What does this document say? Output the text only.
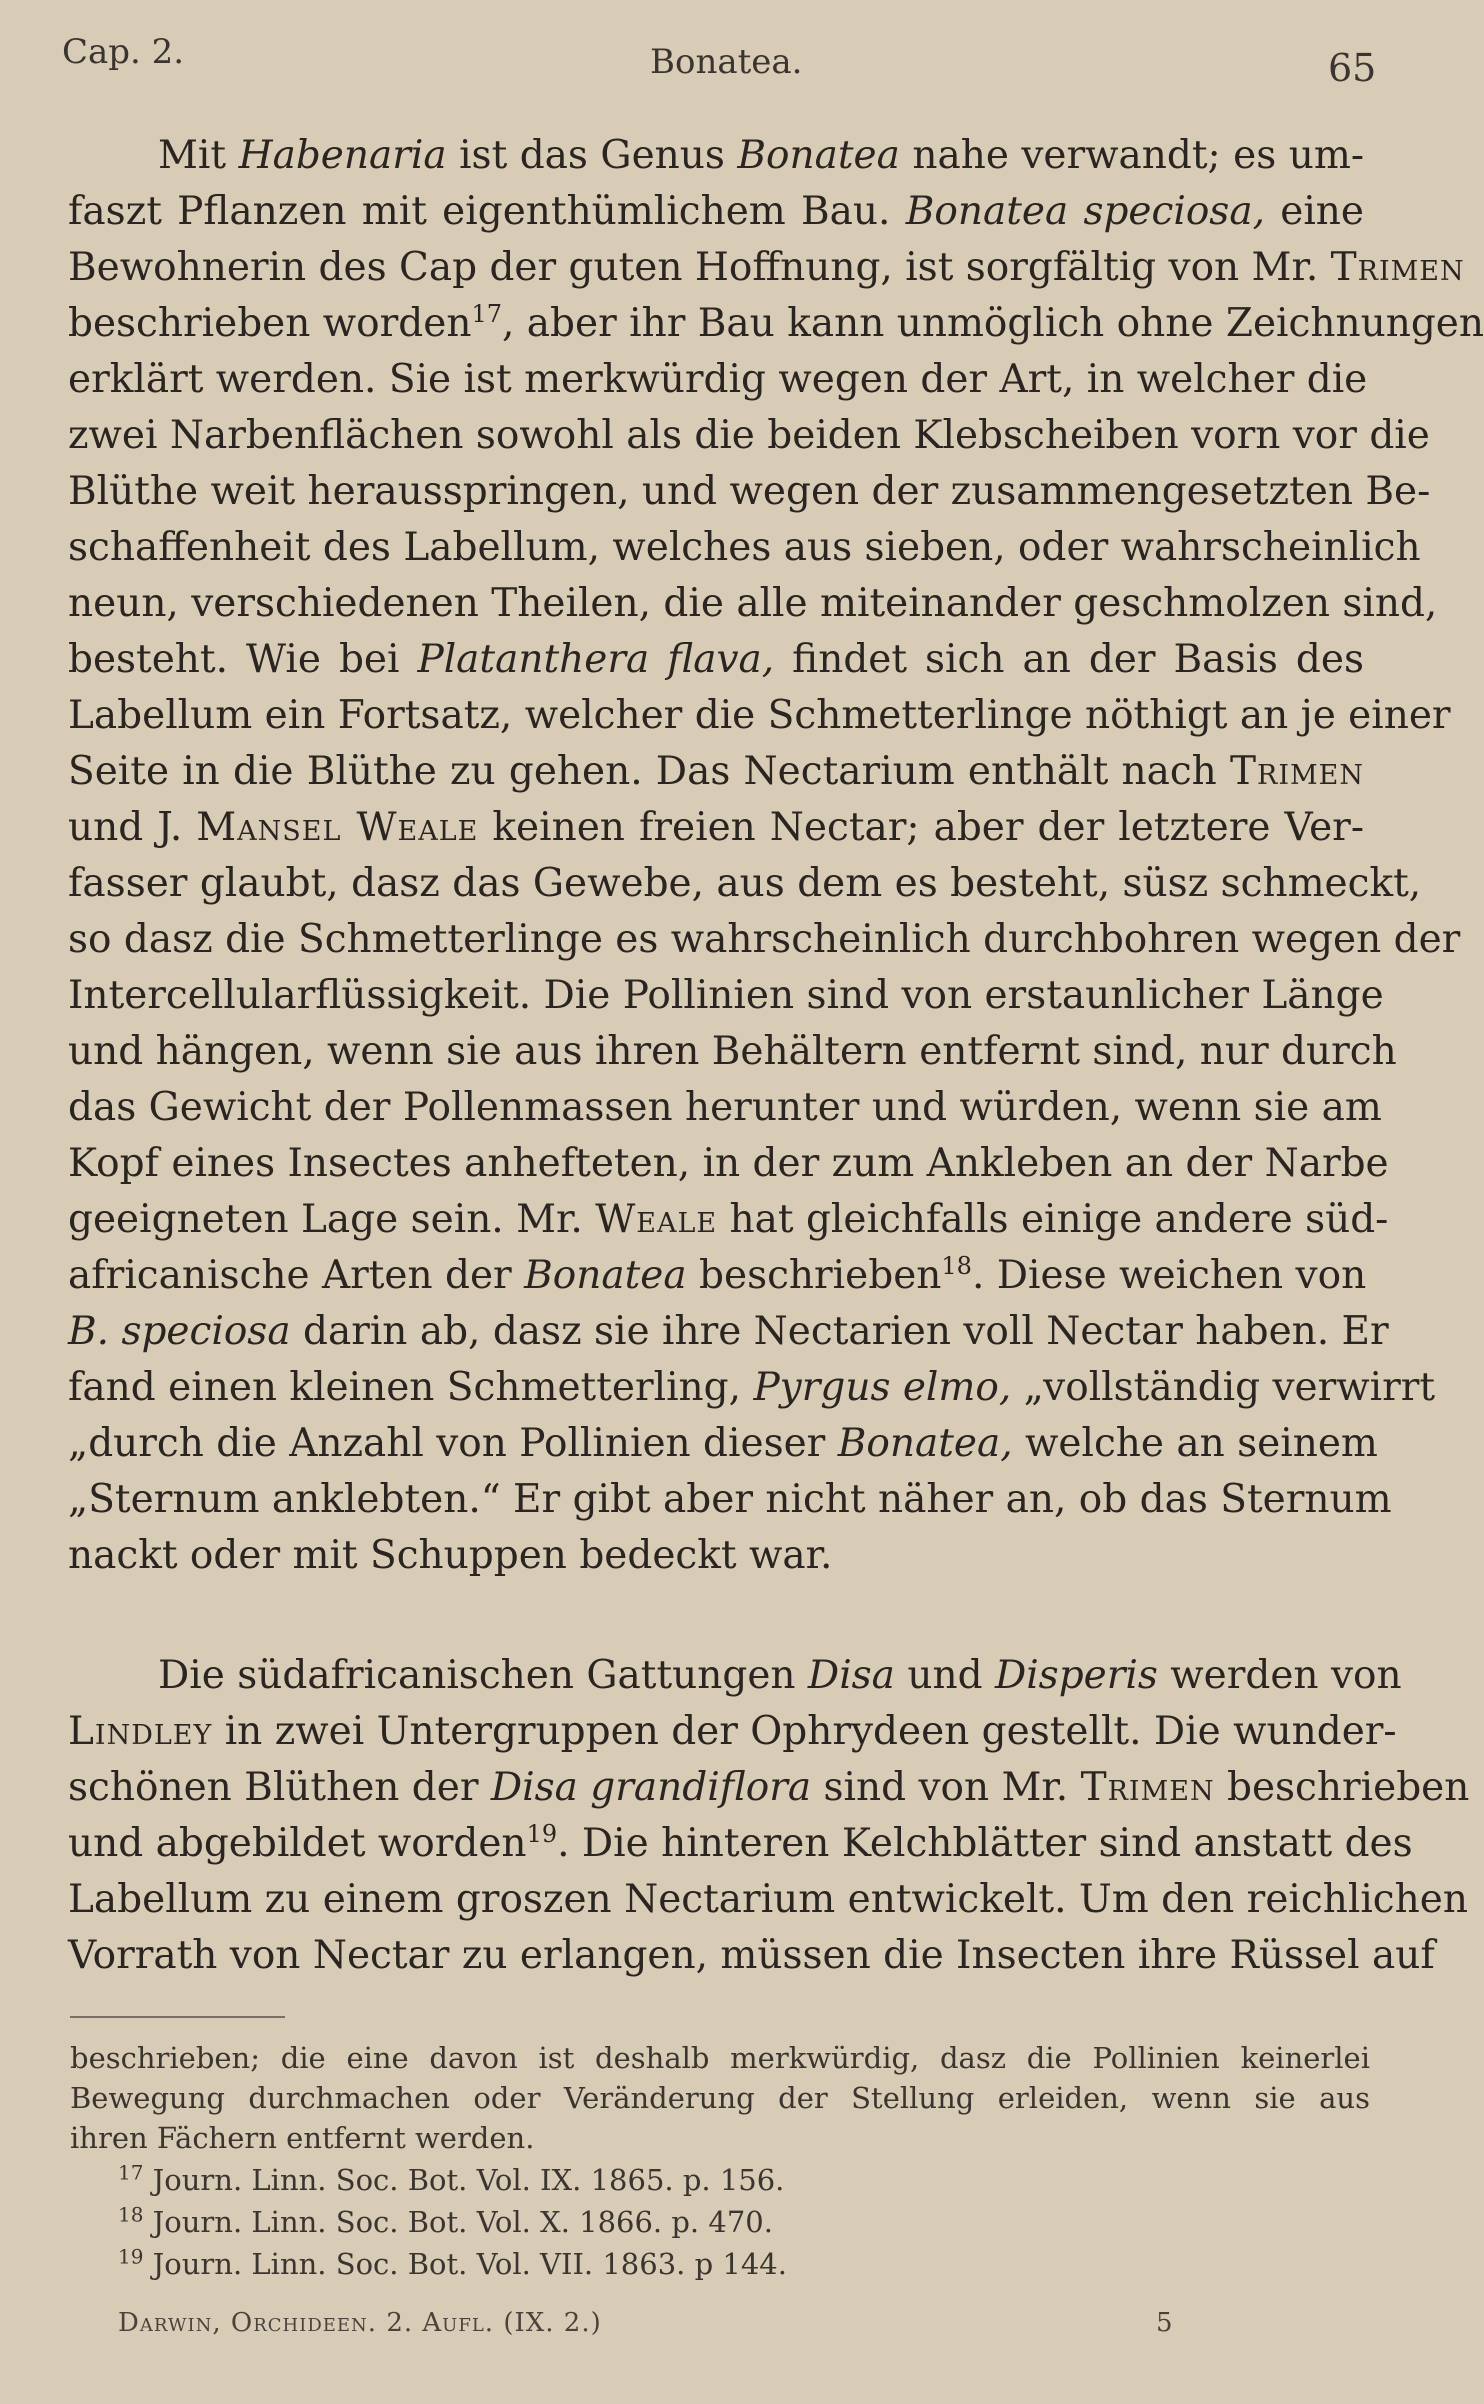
Cap. 2.	Bonatea.	65

Mit Habenaria ist das Genus Bonatea nahe verwandt; es um-
faszt Pflanzen mit eigenthümlichem Bau. Bonatea speciosa, eine
Bewohnerin des Cap der guten Hoffnung, ist sorgfältig von Mr. Trimen
beschrieben worden$^{17}$, aber ihr Bau kann unmöglich ohne Zeichnungen
erklärt werden. Sie ist merkwürdig wegen der Art, in welcher die
zwei Narbenflächen sowohl als die beiden Klebscheiben vorn vor die
Blüthe weit herausspringen, und wegen der zusammengesetzten Be-
schaffenheit des Labellum, welches aus sieben, oder wahrscheinlich
neun, verschiedenen Theilen, die alle miteinander geschmolzen sind,
besteht. Wie bei Platanthera flava, findet sich an der Basis des
Labellum ein Fortsatz, welcher die Schmetterlinge nöthigt an je einer
Seite in die Blüthe zu gehen. Das Nectarium enthält nach Trimen
und J. Mansel Weale keinen freien Nectar; aber der letztere Ver-
fasser glaubt, dasz das Gewebe, aus dem es besteht, süsz schmeckt,
so dasz die Schmetterlinge es wahrscheinlich durchbohren wegen der
Intercellularflüssigkeit. Die Pollinien sind von erstaunlicher Länge
und hängen, wenn sie aus ihren Behältern entfernt sind, nur durch
das Gewicht der Pollenmassen herunter und würden, wenn sie am
Kopf eines Insectes anhefteten, in der zum Ankleben an der Narbe
geeigneten Lage sein. Mr. Weale hat gleichfalls einige andere süd-
africanische Arten der Bonatea beschrieben$^{18}$. Diese weichen von
B. speciosa darin ab, dasz sie ihre Nectarien voll Nectar haben. Er
fand einen kleinen Schmetterling, Pyrgus elmo, „vollständig verwirrt
„durch die Anzahl von Pollinien dieser Bonatea, welche an seinem
„Sternum anklebten.“ Er gibt aber nicht näher an, ob das Sternum
nackt oder mit Schuppen bedeckt war.

Die südafricanischen Gattungen Disa und Disperis werden von
Lindley in zwei Untergruppen der Ophrydeen gestellt. Die wunder-
schönen Blüthen der Disa grandiflora sind von Mr. Trimen beschrieben
und abgebildet worden$^{19}$. Die hinteren Kelchblätter sind anstatt des
Labellum zu einem groszen Nectarium entwickelt. Um den reichlichen
Vorrath von Nectar zu erlangen, müssen die Insecten ihre Rüssel auf

beschrieben; die eine davon ist deshalb merkwürdig, dasz die Pollinien keinerlei
Bewegung durchmachen oder Veränderung der Stellung erleiden, wenn sie aus
ihren Fächern entfernt werden.
$^{17}$ Journ. Linn. Soc. Bot. Vol. IX. 1865. p. 156.
$^{18}$ Journ. Linn. Soc. Bot. Vol. X. 1866. p. 470.
$^{19}$ Journ. Linn. Soc. Bot. Vol. VII. 1863. p 144.
Darwin, Orchideen. 2. Aufl. (IX. 2.)	5
